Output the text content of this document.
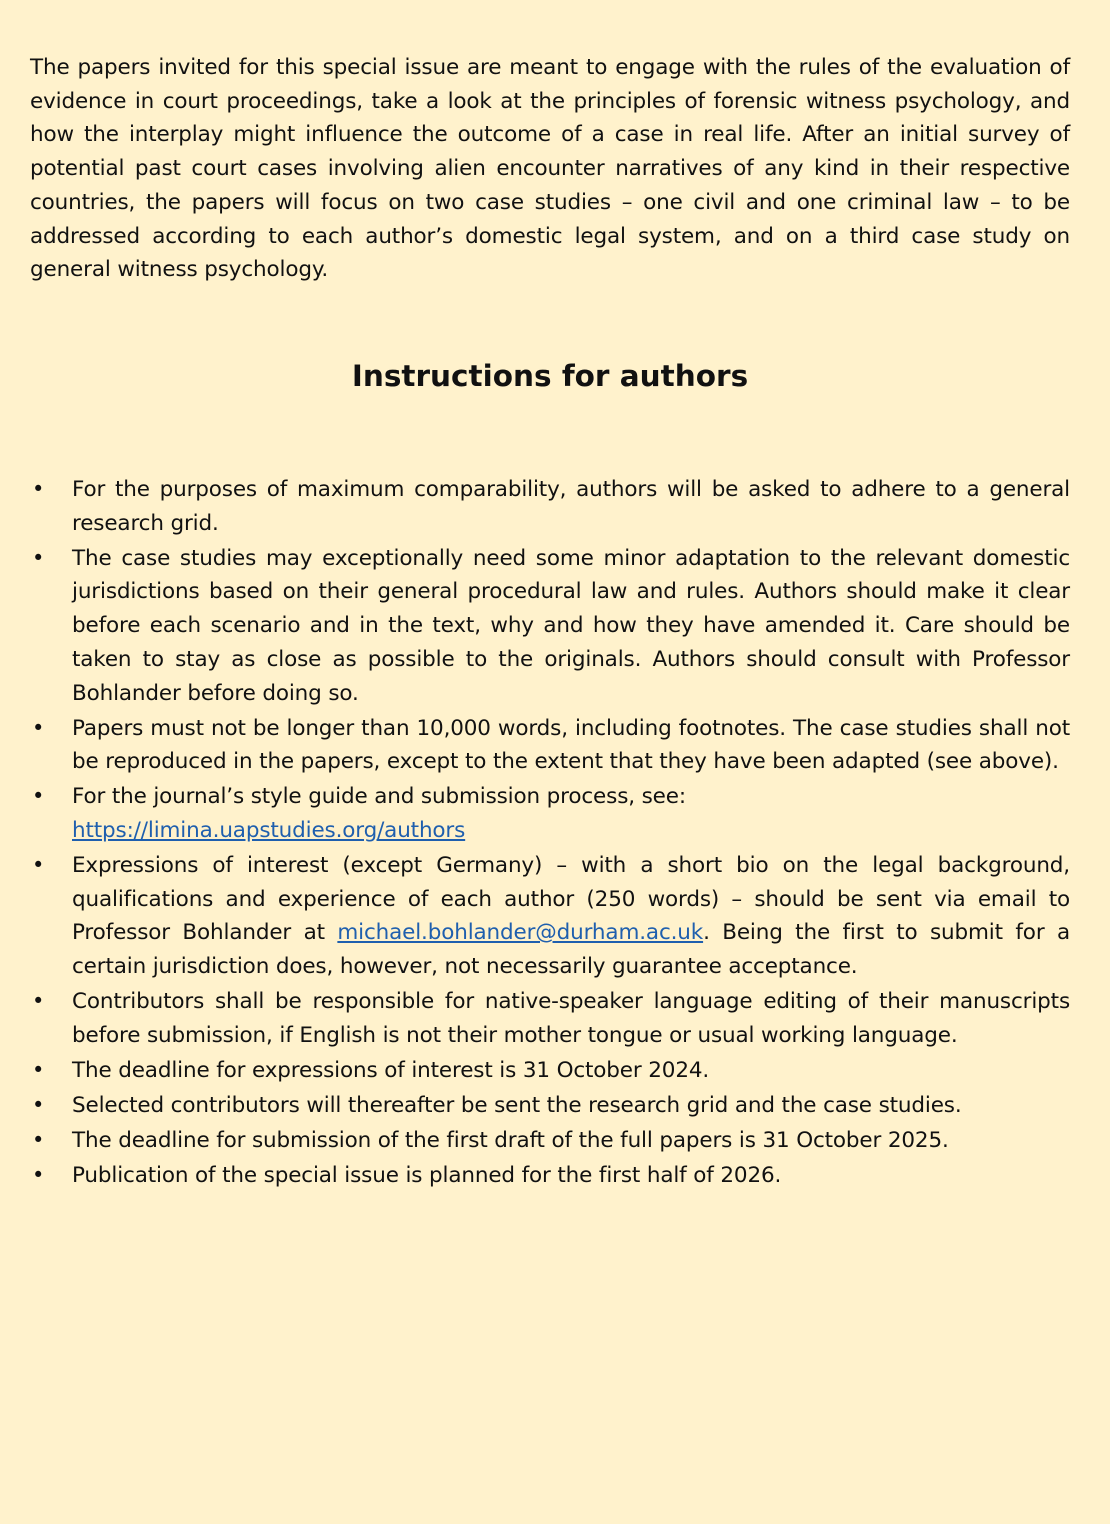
The papers invited for this special issue are meant to engage with the rules of the evaluation of evidence in court proceedings, take a look at the principles of forensic witness psychology, and how the interplay might influence the outcome of a case in real life. After an initial survey of potential past court cases involving alien encounter narratives of any kind in their respective countries, the papers will focus on two case studies – one civil and one criminal law – to be addressed according to each author’s domestic legal system, and on a third case study on general witness psychology.

Instructions for authors
• For the purposes of maximum comparability, authors will be asked to adhere to a general research grid.
• The case studies may exceptionally need some minor adaptation to the relevant domestic jurisdictions based on their general procedural law and rules. Authors should make it clear before each scenario and in the text, why and how they have amended it. Care should be taken to stay as close as possible to the originals. Authors should consult with Professor Bohlander before doing so.
• Papers must not be longer than 10,000 words, including footnotes. The case studies shall not be reproduced in the papers, except to the extent that they have been adapted (see above).
• For the journal’s style guide and submission process, see:
https://limina.uapstudies.org/authors
• Expressions of interest (except Germany) – with a short bio on the legal background, qualifications and experience of each author (250 words) – should be sent via email to Professor Bohlander at michael.bohlander@durham.ac.uk. Being the first to submit for a certain jurisdiction does, however, not necessarily guarantee acceptance.
• Contributors shall be responsible for native-speaker language editing of their manuscripts before submission, if English is not their mother tongue or usual working language.
• The deadline for expressions of interest is 31 October 2024.
• Selected contributors will thereafter be sent the research grid and the case studies.
• The deadline for submission of the first draft of the full papers is 31 October 2025.
• Publication of the special issue is planned for the first half of 2026.
